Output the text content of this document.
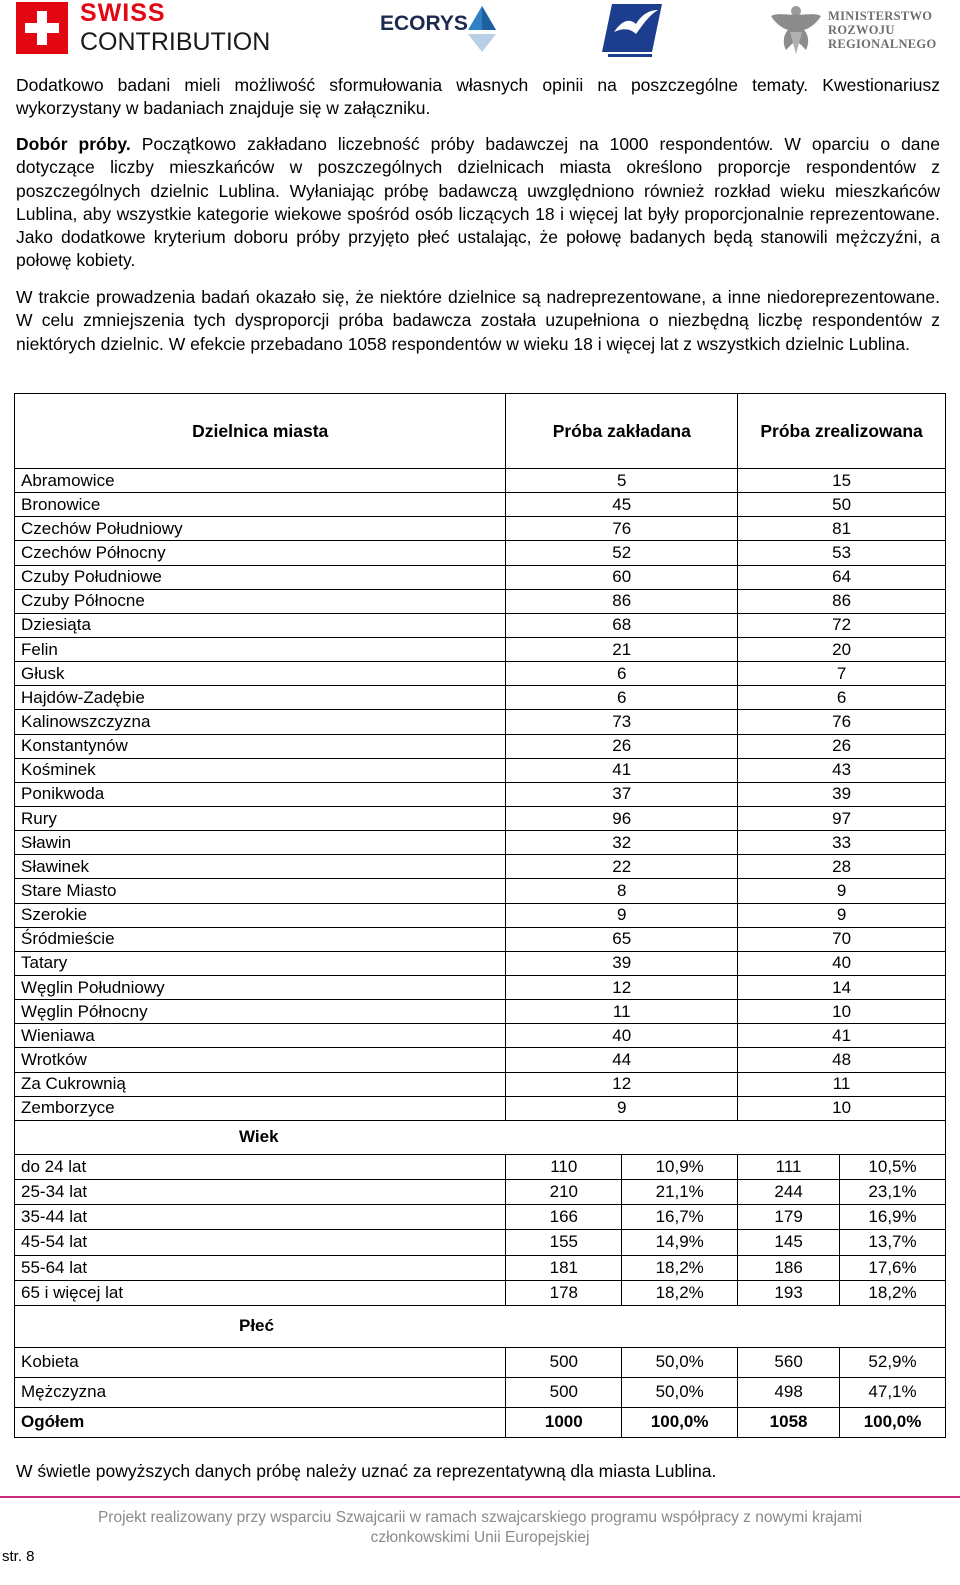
SWISS
CONTRIBUTION
ECORYS	MINISTERSTWO
ROZWOJU
REGIONALNEGO
Dodatkowo badani mieli możliwość sformułowania własnych opinii na poszczególne tematy. Kwestionariusz wykorzystany w badaniach znajduje się w załączniku.
Dobór próby. Początkowo zakładano liczebność próby badawczej na 1000 respondentów. W oparciu o dane dotyczące liczby mieszkańców w poszczególnych dzielnicach miasta określono proporcje respondentów z poszczególnych dzielnic Lublina. Wyłaniając próbę badawczą uwzględniono również rozkład wieku mieszkańców Lublina, aby wszystkie kategorie wiekowe spośród osób liczących 18 i więcej lat były proporcjonalnie reprezentowane. Jako dodatkowe kryterium doboru próby przyjęto płeć ustalając, że połowę badanych będą stanowili mężczyźni, a połowę kobiety.
W trakcie prowadzenia badań okazało się, że niektóre dzielnice są nadreprezentowane, a inne niedoreprezentowane. W celu zmniejszenia tych dysproporcji próba badawcza została uzupełniona o niezbędną liczbę respondentów z niektórych dzielnic. W efekcie przebadano 1058 respondentów w wieku 18 i więcej lat z wszystkich dzielnic Lublina.
Dzielnica miasta	Próba zakładana		Próba zrealizowana	
Abramowice	5		15	
Bronowice	45		50	
Czechów Południowy	76		81	
Czechów Północny	52		53	
Czuby Południowe	60		64	
Czuby Północne	86		86	
Dziesiąta	68		72	
Felin	21		20	
Głusk	6		7	
Hajdów-Zadębie	6		6	
Kalinowszczyzna	73		76	
Konstantynów	26		26	
Kośminek	41		43	
Ponikwoda	37		39	
Rury	96		97	
Sławin	32		33	
Sławinek	22		28	
Stare Miasto	8		9	
Szerokie	9		9	
Śródmieście	65		70	
Tatary	39		40	
Węglin Południowy	12		14	
Węglin Północny	11		10	
Wieniawa	40		41	
Wrotków	44		48	
Za Cukrownią	12		11	
Zemborzyce	9		10	
Wiek				
do 24 lat	110	10,9%	111	10,5%
25-34 lat	210	21,1%	244	23,1%
35-44 lat	166	16,7%	179	16,9%
45-54 lat	155	14,9%	145	13,7%
55-64 lat	181	18,2%	186	17,6%
65 i więcej lat	178	18,2%	193	18,2%
Płeć				
Kobieta	500	50,0%	560	52,9%
Mężczyzna	500	50,0%	498	47,1%
Ogółem	1000	100,0%	1058	100,0%
W świetle powyższych danych próbę należy uznać za reprezentatywną dla miasta Lublina.
Projekt realizowany przy wsparciu Szwajcarii w ramach szwajcarskiego programu współpracy z nowymi krajami
członkowskimi Unii Europejskiej
str. 8
